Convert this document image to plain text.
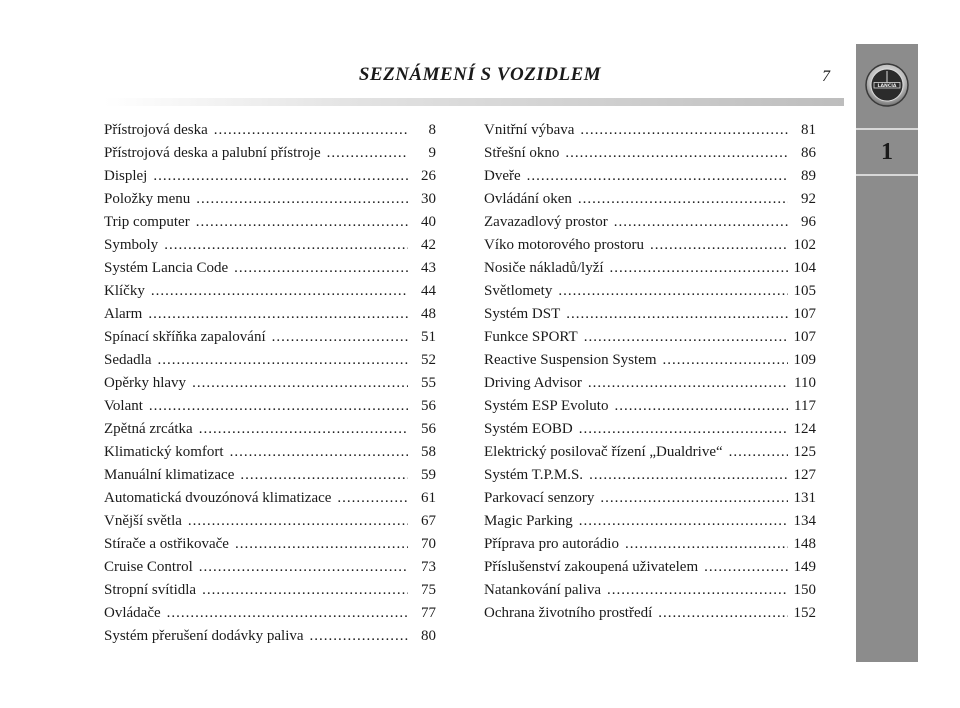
SEZNÁMENÍ S VOZIDLEM	7
LANCIA
1
Přístrojová deska .....	8
Přístrojová deska a palubní přístroje .....	9
Displej .....	26
Položky menu .....	30
Trip computer .....	40
Symboly .....	42
Systém Lancia Code .....	43
Klíčky .....	44
Alarm .....	48
Spínací skříňka zapalování .....	51
Sedadla .....	52
Opěrky hlavy .....	55
Volant .....	56
Zpětná zrcátka .....	56
Klimatický komfort .....	58
Manuální klimatizace .....	59
Automatická dvouzónová klimatizace .....	61
Vnější světla .....	67
Stírače a ostřikovače .....	70
Cruise Control .....	73
Stropní svítidla .....	75
Ovládače .....	77
Systém přerušení dodávky paliva .....	80
Vnitřní výbava .....	81
Střešní okno .....	86
Dveře .....	89
Ovládání oken .....	92
Zavazadlový prostor .....	96
Víko motorového prostoru .....	102
Nosiče nákladů/lyží .....	104
Světlomety .....	105
Systém DST .....	107
Funkce SPORT .....	107
Reactive Suspension System .....	109
Driving Advisor .....	110
Systém ESP Evoluto .....	117
Systém EOBD .....	124
Elektrický posilovač řízení „Dualdrive“ .....	125
Systém T.P.M.S. .....	127
Parkovací senzory .....	131
Magic Parking .....	134
Příprava pro autorádio .....	148
Příslušenství zakoupená uživatelem .....	149
Natankování paliva .....	150
Ochrana životního prostředí .....	152
